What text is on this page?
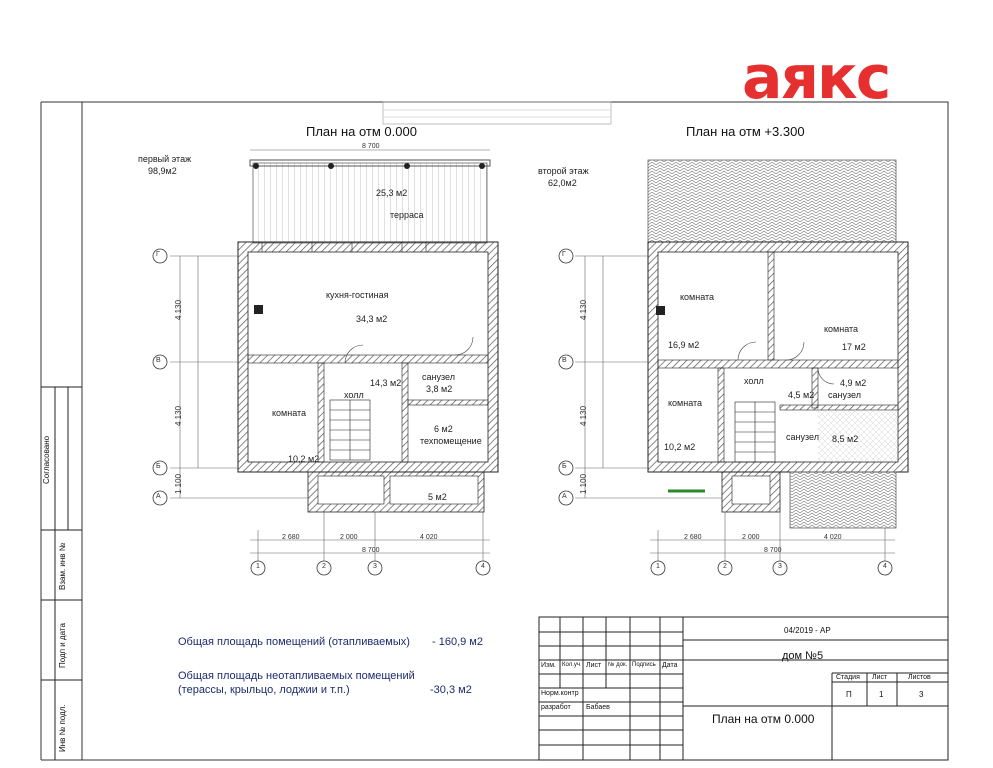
аякс
План на отм 0.000	План на отм +3.300
первый этаж
98,9м2	второй этаж
62,0м2
25,3 м2
терраса
кухня-гостиная
34,3 м2
14,3 м2
холл
санузел
3,8 м2
комната
10,2 м2
6 м2
техпомещение
5 м2
комната
16,9 м2
комната
17 м2
холл
4,5 м2
4,9 м2
санузел
комната
10,2 м2
санузел 8,5 м2
Г
В
Б
А
1	2	3	4
Г
В
Б
А
1	2	3	4
8 700
2 680	2 000	4 020
8 700
4 130
4 130
1 100
2 680	2 000	4 020
8 700
4 130
4 130
1 100
Общая площадь помещений (отапливаемых) - 160,9 м2
Общая площадь неотапливаемых помещений
(терассы, крыльцо, лоджии и т.п.)	-30,3 м2
Согласовано
Взам. инв №
Подп и дата
Инв № подл.
04/2019 - АР
дом №5
Изм. Кол.уч Лист № док. Подпись Дата
Норм.контр
разработ Бабаев
Стадия Лист	Листов
П	1	3
План на отм 0.000
